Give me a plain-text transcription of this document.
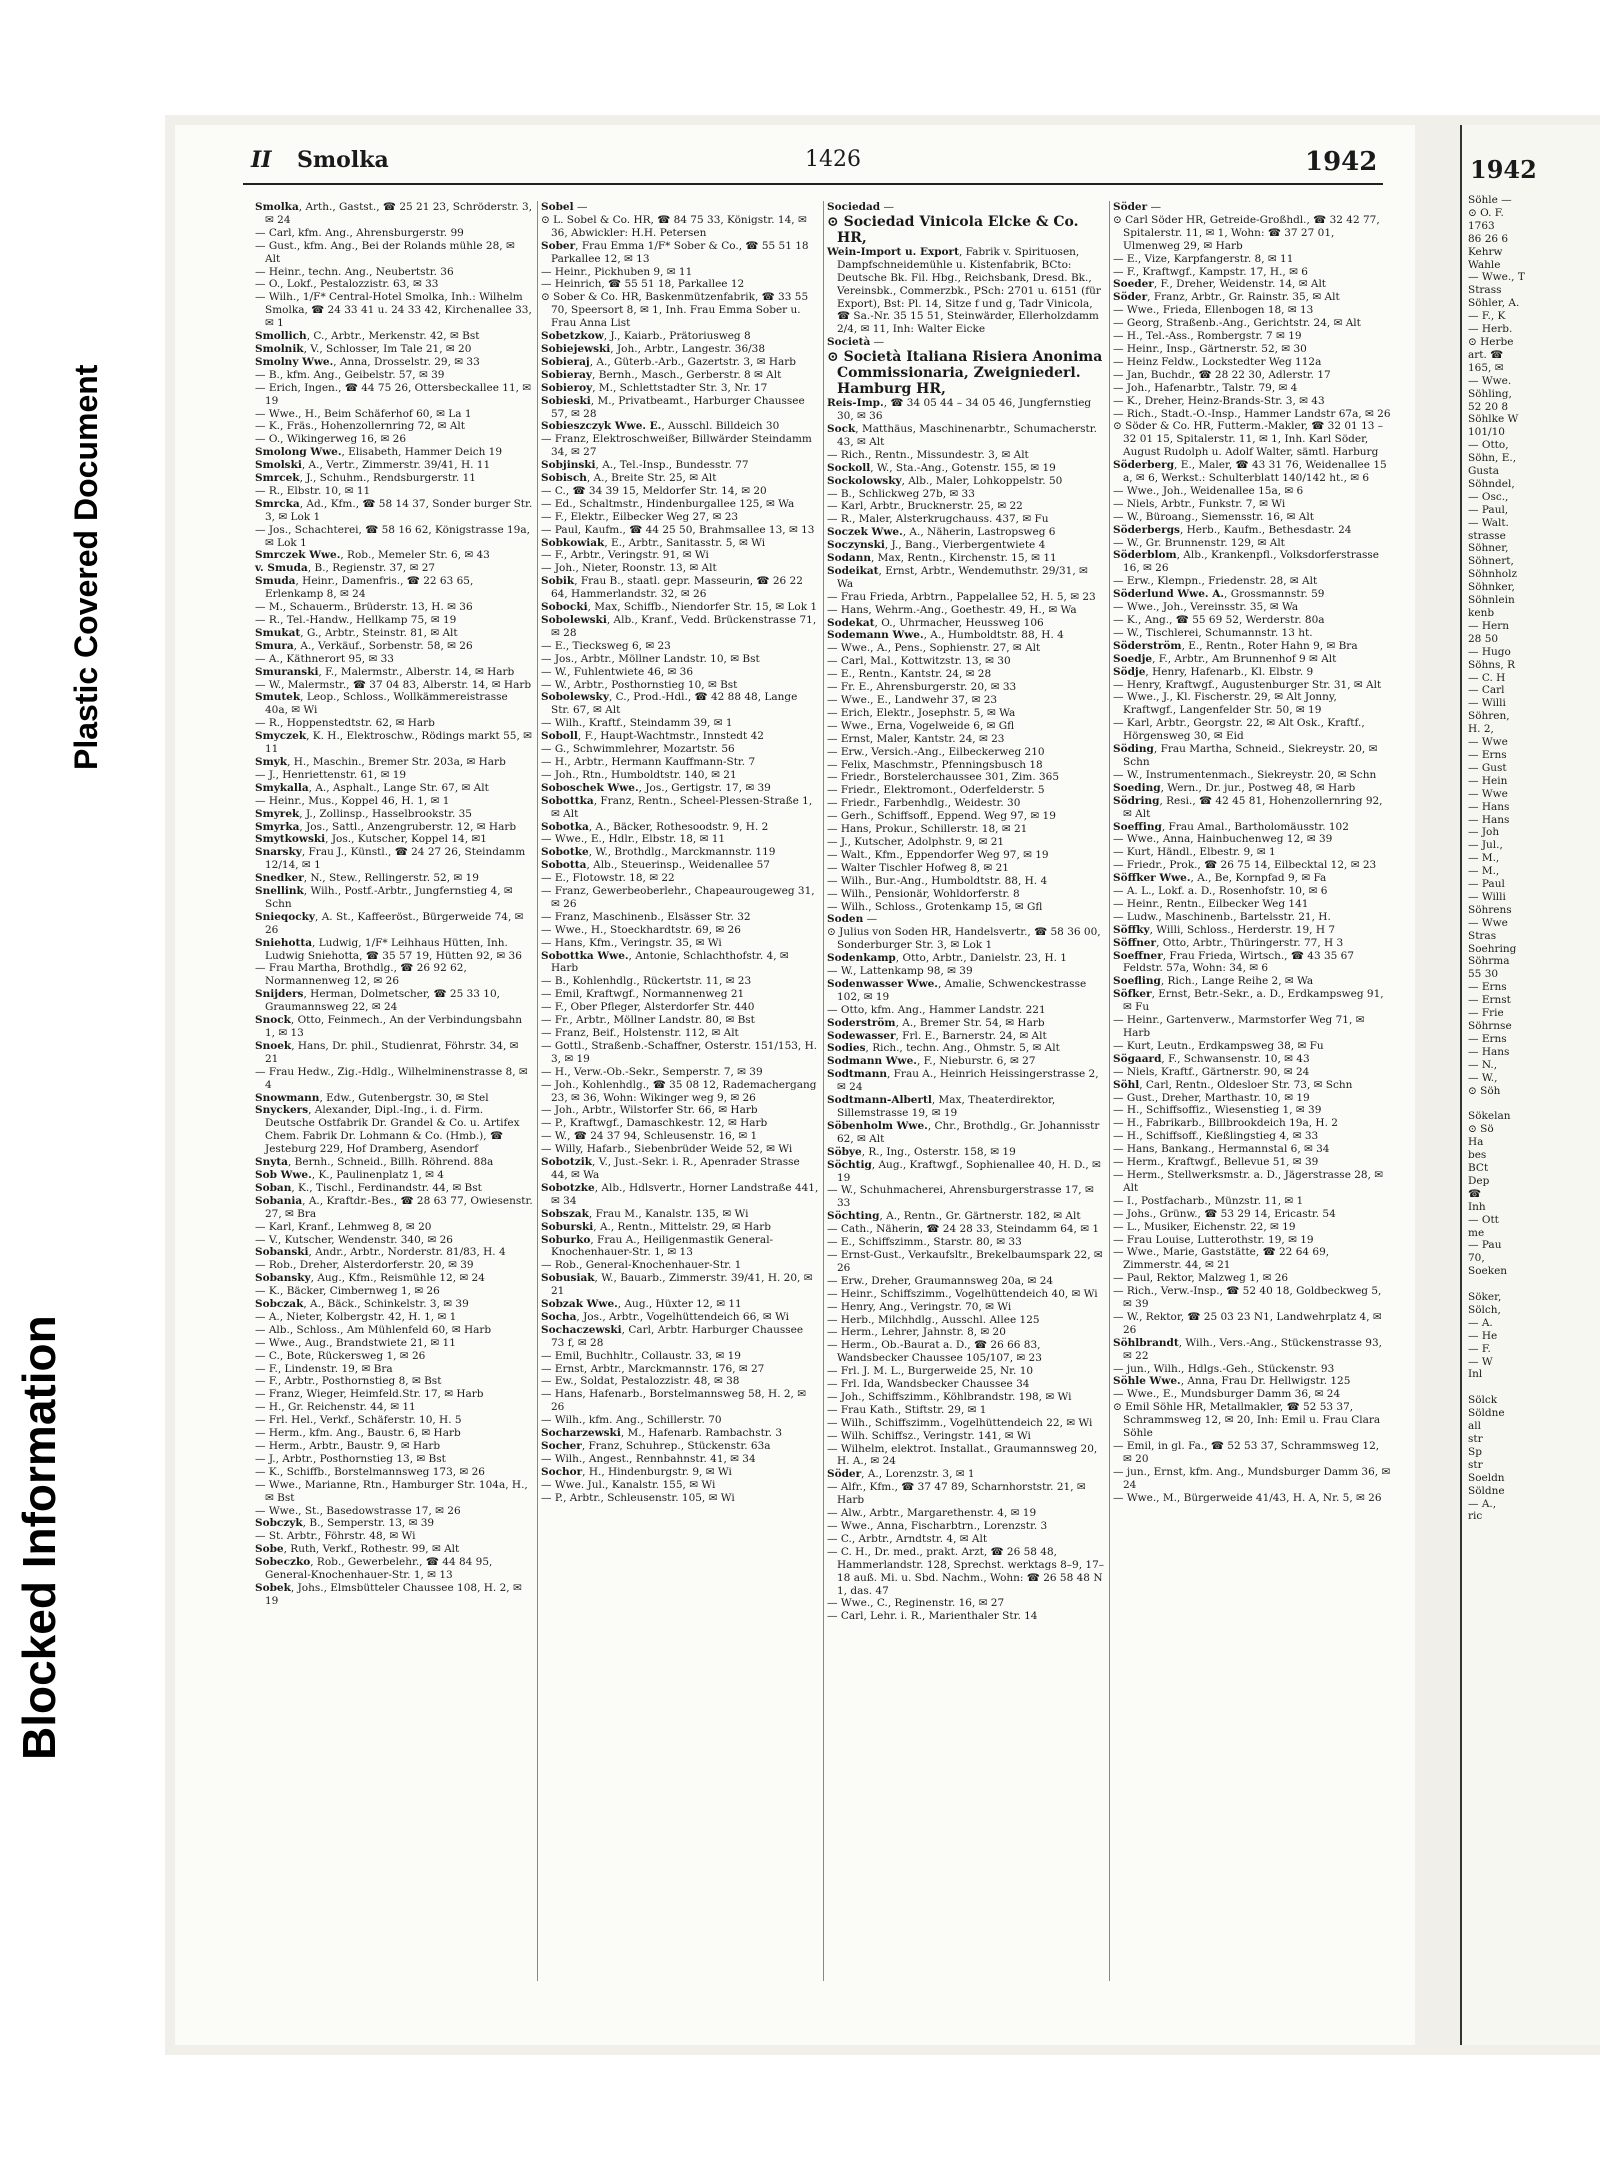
Blocked Information
Plastic Covered Document
II Smolka	1426	1942

Smolka, Arth., Gastst., ☎ 25 21 23, Schröderstr. 3, ✉ 24

— Carl, kfm. Ang., Ahrensburgerstr. 99

— Gust., kfm. Ang., Bei der Rolands mühle 28, ✉ Alt

— Heinr., techn. Ang., Neubertstr. 36

— O., Lokf., Pestalozzistr. 63, ✉ 33

— Wilh., 1/F* Central-Hotel Smolka, Inh.: Wilhelm Smolka, ☎ 24 33 41 u. 24 33 42, Kirchenallee 33, ✉ 1

Smollich, C., Arbtr., Merkenstr. 42, ✉ Bst

Smolnik, V., Schlosser, Im Tale 21, ✉ 20

Smolny Wwe., Anna, Drosselstr. 29, ✉ 33

— B., kfm. Ang., Geibelstr. 57, ✉ 39

— Erich, Ingen., ☎ 44 75 26, Ottersbeckallee 11, ✉ 19

— Wwe., H., Beim Schäferhof 60, ✉ La 1

— K., Fräs., Hohenzollernring 72, ✉ Alt

— O., Wikingerweg 16, ✉ 26

Smolong Wwe., Elisabeth, Hammer Deich 19

Smolski, A., Vertr., Zimmerstr. 39/41, H. 11

Smrcek, J., Schuhm., Rendsburgerstr. 11

— R., Elbstr. 10, ✉ 11

Smrcka, Ad., Kfm., ☎ 58 14 37, Sonder burger Str. 3, ✉ Lok 1

— Jos., Schachterei, ☎ 58 16 62, Königstrasse 19a, ✉ Lok 1

Smrczek Wwe., Rob., Memeler Str. 6, ✉ 43

v. Smuda, B., Regienstr. 37, ✉ 27

Smuda, Heinr., Damenfris., ☎ 22 63 65, Erlenkamp 8, ✉ 24

— M., Schauerm., Brüderstr. 13, H. ✉ 36

— R., Tel.-Handw., Hellkamp 75, ✉ 19

Smukat, G., Arbtr., Steinstr. 81, ✉ Alt

Smura, A., Verkäuf., Sorbenstr. 58, ✉ 26

— A., Käthnerort 95, ✉ 33

Smuranski, F., Malermstr., Alberstr. 14, ✉ Harb

— W., Malermstr., ☎ 37 04 83, Alberstr. 14, ✉ Harb

Smutek, Leop., Schloss., Wollkämmereistrasse 40a, ✉ Wi

— R., Hoppenstedtstr. 62, ✉ Harb

Smyczek, K. H., Elektroschw., Rödings markt 55, ✉ 11

Smyk, H., Maschin., Bremer Str. 203a, ✉ Harb

— J., Henriettenstr. 61, ✉ 19

Smykalla, A., Asphalt., Lange Str. 67, ✉ Alt

— Heinr., Mus., Koppel 46, H. 1, ✉ 1

Smyrek, J., Zollinsp., Hasselbrookstr. 35

Smyrka, Jos., Sattl., Anzengruberstr. 12, ✉ Harb

Smytkowski, Jos., Kutscher, Koppel 14, ✉1

Snarsky, Frau J., Künstl., ☎ 24 27 26, Steindamm 12/14, ✉ 1

Snedker, N., Stew., Rellingerstr. 52, ✉ 19

Snellink, Wilh., Postf.-Arbtr., Jungfernstieg 4, ✉ Schn

Snieqocky, A. St., Kaffeeröst., Bürgerweide 74, ✉ 26

Sniehotta, Ludwig, 1/F* Leihhaus Hütten, Inh. Ludwig Sniehotta, ☎ 35 57 19, Hütten 92, ✉ 36

— Frau Martha, Brothdlg., ☎ 26 92 62, Normannenweg 12, ✉ 26

Snijders, Herman, Dolmetscher, ☎ 25 33 10, Graumannsweg 22, ✉ 24

Snock, Otto, Feinmech., An der Verbindungsbahn 1, ✉ 13

Snoek, Hans, Dr. phil., Studienrat, Föhrstr. 34, ✉ 21

— Frau Hedw., Zig.-Hdlg., Wilhelminenstrasse 8, ✉ 4

Snowmann, Edw., Gutenbergstr. 30, ✉ Stel

Snyckers, Alexander, Dipl.-Ing., i. d. Firm. Deutsche Ostfabrik Dr. Grandel & Co. u. Artifex Chem. Fabrik Dr. Lohmann & Co. (Hmb.), ☎ Jesteburg 229, Hof Dramberg, Asendorf

Snyta, Bernh., Schneid., Billh. Röhrend. 88a

Sob Wwe., K., Paulinenplatz 1, ✉ 4

Soban, K., Tischl., Ferdinandstr. 44, ✉ Bst

Sobania, A., Kraftdr.-Bes., ☎ 28 63 77, Owiesenstr. 27, ✉ Bra

— Karl, Kranf., Lehmweg 8, ✉ 20

— V., Kutscher, Wendenstr. 340, ✉ 26

Sobanski, Andr., Arbtr., Norderstr. 81/83, H. 4

— Rob., Dreher, Alsterdorferstr. 20, ✉ 39

Sobansky, Aug., Kfm., Reismühle 12, ✉ 24

— K., Bäcker, Cimbernweg 1, ✉ 26

Sobczak, A., Bäck., Schinkelstr. 3, ✉ 39

— A., Nieter, Kolbergstr. 42, H. 1, ✉ 1

— Alb., Schloss., Am Mühlenfeld 60, ✉ Harb

— Wwe., Aug., Brandstwiete 21, ✉ 11

— C., Bote, Rückersweg 1, ✉ 26

— F., Lindenstr. 19, ✉ Bra

— F., Arbtr., Posthornstieg 8, ✉ Bst

— Franz, Wieger, Heimfeld.Str. 17, ✉ Harb

— H., Gr. Reichenstr. 44, ✉ 11

— Frl. Hel., Verkf., Schäferstr. 10, H. 5

— Herm., kfm. Ang., Baustr. 6, ✉ Harb

— Herm., Arbtr., Baustr. 9, ✉ Harb

— J., Arbtr., Posthornstieg 13, ✉ Bst

— K., Schiffb., Borstelmannsweg 173, ✉ 26

— Wwe., Marianne, Rtn., Hamburger Str. 104a, H., ✉ Bst

— Wwe., St., Basedowstrasse 17, ✉ 26

Sobczyk, B., Semperstr. 13, ✉ 39

— St. Arbtr., Föhrstr. 48, ✉ Wi

Sobe, Ruth, Verkf., Rothestr. 99, ✉ Alt

Sobeczko, Rob., Gewerbelehr., ☎ 44 84 95, General-Knochenhauer-Str. 1, ✉ 13

Sobek, Johs., Elmsbütteler Chaussee 108, H. 2, ✉ 19

Sobel —

⊙ L. Sobel & Co. HR, ☎ 84 75 33, Königstr. 14, ✉ 36, Abwickler: H.H. Petersen

Sober, Frau Emma 1/F* Sober & Co., ☎ 55 51 18 Parkallee 12, ✉ 13

— Heinr., Pickhuben 9, ✉ 11

— Heinrich, ☎ 55 51 18, Parkallee 12

⊙ Sober & Co. HR, Baskenmützenfabrik, ☎ 33 55 70, Speersort 8, ✉ 1, Inh. Frau Emma Sober u. Frau Anna List

Sobetzkow, J., Kaiarb., Prätoriusweg 8

Sobiejewski, Joh., Arbtr., Langestr. 36/38

Sobieraj, A., Güterb.-Arb., Gazertstr. 3, ✉ Harb

Sobieray, Bernh., Masch., Gerberstr. 8 ✉ Alt

Sobieroy, M., Schlettstadter Str. 3, Nr. 17

Sobieski, M., Privatbeamt., Harburger Chaussee 57, ✉ 28

Sobieszczyk Wwe. E., Ausschl. Billdeich 30

— Franz, Elektroschweißer, Billwärder Steindamm 34, ✉ 27

Sobjinski, A., Tel.-Insp., Bundesstr. 77

Sobisch, A., Breite Str. 25, ✉ Alt

— C., ☎ 34 39 15, Meldorfer Str. 14, ✉ 20

— Ed., Schaltmstr., Hindenburgallee 125, ✉ Wa

— F., Elektr., Eilbecker Weg 27, ✉ 23

— Paul, Kaufm., ☎ 44 25 50, Brahmsallee 13, ✉ 13

Sobkowiak, E., Arbtr., Sanitasstr. 5, ✉ Wi

— F., Arbtr., Veringstr. 91, ✉ Wi

— Joh., Nieter, Roonstr. 13, ✉ Alt

Sobik, Frau B., staatl. gepr. Masseurin, ☎ 26 22 64, Hammerlandstr. 32, ✉ 26

Sobocki, Max, Schiffb., Niendorfer Str. 15, ✉ Lok 1

Sobolewski, Alb., Kranf., Vedd. Brückenstrasse 71, ✉ 28

— E., Tiecksweg 6, ✉ 23

— Jos., Arbtr., Möllner Landstr. 10, ✉ Bst

— W., Fuhlentwiete 46, ✉ 36

— W., Arbtr., Posthornstieg 10, ✉ Bst

Sobolewsky, C., Prod.-Hdl., ☎ 42 88 48, Lange Str. 67, ✉ Alt

— Wilh., Kraftf., Steindamm 39, ✉ 1

Soboll, F., Haupt-Wachtmstr., Innstedt 42

— G., Schwimmlehrer, Mozartstr. 56

— H., Arbtr., Hermann Kauffmann-Str. 7

— Joh., Rtn., Humboldtstr. 140, ✉ 21

Soboschek Wwe., Jos., Gertigstr. 17, ✉ 39

Sobottka, Franz, Rentn., Scheel-Plessen-Straße 1, ✉ Alt

Sobotka, A., Bäcker, Rothesoodstr. 9, H. 2

— Wwe., E., Hdlr., Elbstr. 18, ✉ 11

Sobotke, W., Brothdlg., Marckmannstr. 119

Sobotta, Alb., Steuerinsp., Weidenallee 57

— E., Flotowstr. 18, ✉ 22

— Franz, Gewerbeoberlehr., Chapeaurougeweg 31, ✉ 26

— Franz, Maschinenb., Elsässer Str. 32

— Wwe., H., Stoeckhardtstr. 69, ✉ 26

— Hans, Kfm., Veringstr. 35, ✉ Wi

Sobottka Wwe., Antonie, Schlachthofstr. 4, ✉ Harb

— B., Kohlenhdlg., Rückertstr. 11, ✉ 23

— Emil, Kraftwgf., Normannenweg 21

— F., Ober Pfleger, Alsterdorfer Str. 440

— Fr., Arbtr., Möllner Landstr. 80, ✉ Bst

— Franz, Beif., Holstenstr. 112, ✉ Alt

— Gottl., Straßenb.-Schaffner, Osterstr. 151/153, H. 3, ✉ 19

— H., Verw.-Ob.-Sekr., Semperstr. 7, ✉ 39

— Joh., Kohlenhdlg., ☎ 35 08 12, Rademachergang 23, ✉ 36, Wohn: Wikinger weg 9, ✉ 26

— Joh., Arbtr., Wilstorfer Str. 66, ✉ Harb

— P., Kraftwgf., Damaschkestr. 12, ✉ Harb

— W., ☎ 24 37 94, Schleusenstr. 16, ✉ 1

— Willy, Hafarb., Siebenbrüder Weide 52, ✉ Wi

Sobotzik, V., Just.-Sekr. i. R., Apenrader Strasse 44, ✉ Wa

Sobotzke, Alb., Hdlsvertr., Horner Landstraße 441, ✉ 34

Sobszak, Frau M., Kanalstr. 135, ✉ Wi

Soburski, A., Rentn., Mittelstr. 29, ✉ Harb

Soburko, Frau A., Heiligenmastik General-Knochenhauer-Str. 1, ✉ 13

— Rob., General-Knochenhauer-Str. 1

Sobusiak, W., Bauarb., Zimmerstr. 39/41, H. 20, ✉ 21

Sobzak Wwe., Aug., Hüxter 12, ✉ 11

Socha, Jos., Arbtr., Vogelhüttendeich 66, ✉ Wi

Sochaczewski, Carl, Arbtr. Harburger Chaussee 73 f, ✉ 28

— Emil, Buchhltr., Collaustr. 33, ✉ 19

— Ernst, Arbtr., Marckmannstr. 176, ✉ 27

— Ew., Soldat, Pestalozzistr. 48, ✉ 38

— Hans, Hafenarb., Borstelmannsweg 58, H. 2, ✉ 26

— Wilh., kfm. Ang., Schillerstr. 70

Socharzewski, M., Hafenarb. Rambachstr. 3

Socher, Franz, Schuhrep., Stückenstr. 63a

— Wilh., Angest., Rennbahnstr. 41, ✉ 34

Sochor, H., Hindenburgstr. 9, ✉ Wi

— Wwe. Jul., Kanalstr. 155, ✉ Wi

— P., Arbtr., Schleusenstr. 105, ✉ Wi

Sociedad —

⊙ Sociedad Vinicola Elcke & Co. HR,

Wein-Import u. Export, Fabrik v. Spirituosen, Dampfschneidemühle u. Kistenfabrik, BCto: Deutsche Bk. Fil. Hbg., Reichsbank, Dresd. Bk., Vereinsbk., Commerzbk., PSch: 2701 u. 6151 (für Export), Bst: Pl. 14, Sitze f und g, Tadr Vinicola, ☎ Sa.-Nr. 35 15 51, Steinwärder, Ellerholzdamm 2/4, ✉ 11, Inh: Walter Eicke

Società —

⊙ Società Italiana Risiera Anonima Commissionaria, Zweigniederl. Hamburg HR,

Reis-Imp., ☎ 34 05 44 – 34 05 46, Jungfernstieg 30, ✉ 36

Sock, Matthäus, Maschinenarbtr., Schumacherstr. 43, ✉ Alt

— Rich., Rentn., Missundestr. 3, ✉ Alt

Sockoll, W., Sta.-Ang., Gotenstr. 155, ✉ 19

Sockolowsky, Alb., Maler, Lohkoppelstr. 50

— B., Schlickweg 27b, ✉ 33

— Karl, Arbtr., Brucknerstr. 25, ✉ 22

— R., Maler, Alsterkrugchauss. 437, ✉ Fu

Soczek Wwe., A., Näherin, Lastropsweg 6

Soczynski, J., Bang., Vierbergentwiete 4

Sodann, Max, Rentn., Kirchenstr. 15, ✉ 11

Sodeikat, Ernst, Arbtr., Wendemuthstr. 29/31, ✉ Wa

— Frau Frieda, Arbtrn., Pappelallee 52, H. 5, ✉ 23

— Hans, Wehrm.-Ang., Goethestr. 49, H., ✉ Wa

Sodekat, O., Uhrmacher, Heussweg 106

Sodemann Wwe., A., Humboldtstr. 88, H. 4

— Wwe., A., Pens., Sophienstr. 27, ✉ Alt

— Carl, Mal., Kottwitzstr. 13, ✉ 30

— E., Rentn., Kantstr. 24, ✉ 28

— Fr. E., Ahrensburgerstr. 20, ✉ 33

— Wwe., E., Landwehr 37, ✉ 23

— Erich, Elektr., Josephstr. 5, ✉ Wa

— Wwe., Erna, Vogelweide 6, ✉ Gfl

— Ernst, Maler, Kantstr. 24, ✉ 23

— Erw., Versich.-Ang., Eilbeckerweg 210

— Felix, Maschmstr., Pfenningsbusch 18

— Friedr., Borstelerchaussee 301, Zim. 365

— Friedr., Elektromont., Oderfelderstr. 5

— Friedr., Farbenhdlg., Weidestr. 30

— Gerh., Schiffsoff., Eppend. Weg 97, ✉ 19

— Hans, Prokur., Schillerstr. 18, ✉ 21

— J., Kutscher, Adolphstr. 9, ✉ 21

— Walt., Kfm., Eppendorfer Weg 97, ✉ 19

— Walter Tischler Hofweg 8, ✉ 21

— Wilh., Bur.-Ang., Humboldtstr. 88, H. 4

— Wilh., Pensionär, Wohldorferstr. 8

— Wilh., Schloss., Grotenkamp 15, ✉ Gfl

Soden —

⊙ Julius von Soden HR, Handelsvertr., ☎ 58 36 00, Sonderburger Str. 3, ✉ Lok 1

Sodenkamp, Otto, Arbtr., Danielstr. 23, H. 1

— W., Lattenkamp 98, ✉ 39

Sodenwasser Wwe., Amalie, Schwenckestrasse 102, ✉ 19

— Otto, kfm. Ang., Hammer Landstr. 221

Soderström, A., Bremer Str. 54, ✉ Harb

Sodewasser, Frl. E., Barnerstr. 24, ✉ Alt

Sodies, Rich., techn. Ang., Ohmstr. 5, ✉ Alt

Sodmann Wwe., F., Nieburstr. 6, ✉ 27

Sodtmann, Frau A., Heinrich Heissingerstrasse 2, ✉ 24

Sodtmann-Albertl, Max, Theaterdirektor, Sillemstrasse 19, ✉ 19

Söbenholm Wwe., Chr., Brothdlg., Gr. Johannisstr 62, ✉ Alt

Söbye, R., Ing., Osterstr. 158, ✉ 19

Söchtig, Aug., Kraftwgf., Sophienallee 40, H. D., ✉ 19

— W., Schuhmacherei, Ahrensburgerstrasse 17, ✉ 33

Söchting, A., Rentn., Gr. Gärtnerstr. 182, ✉ Alt

— Cath., Näherin, ☎ 24 28 33, Steindamm 64, ✉ 1

— E., Schiffszimm., Starstr. 80, ✉ 33

— Ernst-Gust., Verkaufsltr., Brekelbaumspark 22, ✉ 26

— Erw., Dreher, Graumannsweg 20a, ✉ 24

— Heinr., Schiffszimm., Vogelhüttendeich 40, ✉ Wi

— Henry, Ang., Veringstr. 70, ✉ Wi

— Herb., Milchhdlg., Ausschl. Allee 125

— Herm., Lehrer, Jahnstr. 8, ✉ 20

— Herm., Ob.-Baurat a. D., ☎ 26 66 83, Wandsbecker Chaussee 105/107, ✉ 23

— Frl. J. M. L., Burgerweide 25, Nr. 10

— Frl. Ida, Wandsbecker Chaussee 34

— Joh., Schiffszimm., Köhlbrandstr. 198, ✉ Wi

— Frau Kath., Stiftstr. 29, ✉ 1

— Wilh., Schiffszimm., Vogelhüttendeich 22, ✉ Wi

— Wilh. Schiffsz., Veringstr. 141, ✉ Wi

— Wilhelm, elektrot. Installat., Graumannsweg 20, H. A., ✉ 24

Söder, A., Lorenzstr. 3, ✉ 1

— Alfr., Kfm., ☎ 37 47 89, Scharnhorststr. 21, ✉ Harb

— Alw., Arbtr., Margarethenstr. 4, ✉ 19

— Wwe., Anna, Fischarbtrn., Lorenzstr. 3

— C., Arbtr., Arndtstr. 4, ✉ Alt

— C. H., Dr. med., prakt. Arzt, ☎ 26 58 48, Hammerlandstr. 128, Sprechst. werktags 8–9, 17–18 auß. Mi. u. Sbd. Nachm., Wohn: ☎ 26 58 48 N 1, das. 47

— Wwe., C., Reginenstr. 16, ✉ 27

— Carl, Lehr. i. R., Marienthaler Str. 14

Söder —

⊙ Carl Söder HR, Getreide-Großhdl., ☎ 32 42 77, Spitalerstr. 11, ✉ 1, Wohn: ☎ 37 27 01, Ulmenweg 29, ✉ Harb

— E., Vize, Karpfangerstr. 8, ✉ 11

— F., Kraftwgf., Kampstr. 17, H., ✉ 6

Soeder, F., Dreher, Weidenstr. 14, ✉ Alt

Söder, Franz, Arbtr., Gr. Rainstr. 35, ✉ Alt

— Wwe., Frieda, Ellenbogen 18, ✉ 13

— Georg, Straßenb.-Ang., Gerichtstr. 24, ✉ Alt

— H., Tel.-Ass., Rombergstr. 7 ✉ 19

— Heinr., Insp., Gärtnerstr. 52, ✉ 30

— Heinz Feldw., Lockstedter Weg 112a

— Jan, Buchdr., ☎ 28 22 30, Adlerstr. 17

— Joh., Hafenarbtr., Talstr. 79, ✉ 4

— K., Dreher, Heinz-Brands-Str. 3, ✉ 43

— Rich., Stadt.-O.-Insp., Hammer Landstr 67a, ✉ 26

⊙ Söder & Co. HR, Futterm.-Makler, ☎ 32 01 13 – 32 01 15, Spitalerstr. 11, ✉ 1, Inh. Karl Söder, August Rudolph u. Adolf Walter, sämtl. Harburg

Söderberg, E., Maler, ☎ 43 31 76, Weidenallee 15 a, ✉ 6, Werkst.: Schulterblatt 140/142 ht., ✉ 6

— Wwe., Joh., Weidenallee 15a, ✉ 6

— Niels, Arbtr., Funkstr. 7, ✉ Wi

— W., Bürоang., Siemensstr. 16, ✉ Alt

Söderbergs, Herb., Kaufm., Bethesdastr. 24

— W., Gr. Brunnenstr. 129, ✉ Alt

Söderblom, Alb., Krankenpfl., Volksdorferstrasse 16, ✉ 26

— Erw., Klempn., Friedenstr. 28, ✉ Alt

Söderlund Wwe. A., Grossmannstr. 59

— Wwe., Joh., Vereinsstr. 35, ✉ Wa

— K., Ang., ☎ 55 69 52, Werderstr. 80a

— W., Tischlerei, Schumannstr. 13 ht.

Söderström, E., Rentn., Roter Hahn 9, ✉ Bra

Soedje, F., Arbtr., Am Brunnenhof 9 ✉ Alt

Södje, Henry, Hafenarb., Kl. Elbstr. 9

— Henry, Kraftwgf., Augustenburger Str. 31, ✉ Alt

— Wwe., J., Kl. Fischerstr. 29, ✉ Alt Jonny, Kraftwgf., Langenfelder Str. 50, ✉ 19

— Karl, Arbtr., Georgstr. 22, ✉ Alt Osk., Kraftf., Hörgensweg 30, ✉ Eid

Söding, Frau Martha, Schneid., Siekreystr. 20, ✉ Schn

— W., Instrumentenmach., Siekreystr. 20, ✉ Schn

Soeding, Wern., Dr. jur., Postweg 48, ✉ Harb

Södring, Resi., ☎ 42 45 81, Hohenzollernring 92, ✉ Alt

Soeffing, Frau Amal., Bartholomäusstr. 102

— Wwe., Anna, Hainbuchenweg 12, ✉ 39

— Kurt, Händl., Elbestr. 9, ✉ 1

— Friedr., Prok., ☎ 26 75 14, Eilbecktal 12, ✉ 23

Söffker Wwe., A., Be, Kornpfad 9, ✉ Fa

— A. L., Lokf. a. D., Rosenhofstr. 10, ✉ 6

— Heinr., Rentn., Eilbecker Weg 141

— Ludw., Maschinenb., Bartelsstr. 21, H.

Söffky, Willi, Schloss., Herderstr. 19, H 7

Söffner, Otto, Arbtr., Thüringerstr. 77, H 3

Soeffner, Frau Frieda, Wirtsch., ☎ 43 35 67 Feldstr. 57a, Wohn: 34, ✉ 6

Soefling, Rich., Lange Reihe 2, ✉ Wa

Söfker, Ernst, Betr.-Sekr., a. D., Erdkampsweg 91, ✉ Fu

— Heinr., Gartenverw., Marmstorfer Weg 71, ✉ Harb

— Kurt, Leutn., Erdkampsweg 38, ✉ Fu

Sögaard, F., Schwansenstr. 10, ✉ 43

— Niels, Kraftf., Gärtnerstr. 90, ✉ 24

Söhl, Carl, Rentn., Oldesloer Str. 73, ✉ Schn

— Gust., Dreher, Marthastr. 10, ✉ 19

— H., Schiffsoffiz., Wiesenstieg 1, ✉ 39

— H., Fabrikarb., Billbrookdeich 19a, H. 2

— H., Schiffsoff., Kießlingstieg 4, ✉ 33

— Hans, Bankang., Hermannstal 6, ✉ 34

— Herm., Kraftwgf., Bellevue 51, ✉ 39

— Herm., Stellwerksmstr. a. D., Jägerstrasse 28, ✉ Alt

— I., Postfacharb., Münzstr. 11, ✉ 1

— Johs., Grünw., ☎ 53 29 14, Ericastr. 54

— L., Musiker, Eichenstr. 22, ✉ 19

— Frau Louise, Lutterothstr. 19, ✉ 19

— Wwe., Marie, Gaststätte, ☎ 22 64 69, Zimmerstr. 44, ✉ 21

— Paul, Rektor, Malzweg 1, ✉ 26

— Rich., Verw.-Insp., ☎ 52 40 18, Goldbeckweg 5, ✉ 39

— W., Rektor, ☎ 25 03 23 N1, Landwehrplatz 4, ✉ 26

Söhlbrandt, Wilh., Vers.-Ang., Stückenstrasse 93, ✉ 22

— jun., Wilh., Hdlgs.-Geh., Stückenstr. 93

Söhle Wwe., Anna, Frau Dr. Hellwigstr. 125

— Wwe., E., Mundsburger Damm 36, ✉ 24

⊙ Emil Söhle HR, Metallmakler, ☎ 52 53 37, Schrammsweg 12, ✉ 20, Inh: Emil u. Frau Clara Söhle

— Emil, in gl. Fa., ☎ 52 53 37, Schrammsweg 12, ✉ 20

— jun., Ernst, kfm. Ang., Mundsburger Damm 36, ✉ 24

— Wwe., M., Bürgerweide 41/43, H. A, Nr. 5, ✉ 26

1942
Söhle —
⊙ O. F.
1763
86 26 6
Kehrw
Wahle
— Wwe., T
Strass
Söhler, A.
— F., K
— Herb.
⊙ Herbe
art. ☎
165, ✉
— Wwe.
Söhling,
52 20 8
Söhlke W
101/10
— Otto,
Söhn, E.,
Gusta
Söhndel,
— Osc.,
— Paul,
— Walt.
strasse
Söhner,
Söhnert,
Söhnholz
Söhnker,
Söhnlein
kenb
— Hern
28 50
— Hugo
Söhns, R
— C. H
— Carl
— Willi
Söhren,
H. 2,
— Wwe
— Erns
— Gust
— Hein
— Wwe
— Hans
— Hans
— Joh
— Jul.,
— M.,
— M.,
— Paul
— Willi
Söhrens
— Wwe
Stras
Soehring
Söhrma
55 30
— Erns
— Ernst
— Frie
Söhrnse
— Erns
— Hans
— N.,
— W.,
⊙ Söh

Sökelan
⊙ Sö
Ha
bes
BCt
Dep
☎
Inh
— Ott
me
— Pau
70,
Soeken

Söker,
Sölch,
— A.
— He
— F.
— W
Inl

Sölck
Söldne
all
str
Sp
str
Soeldn
Söldne
— A.,
ric
